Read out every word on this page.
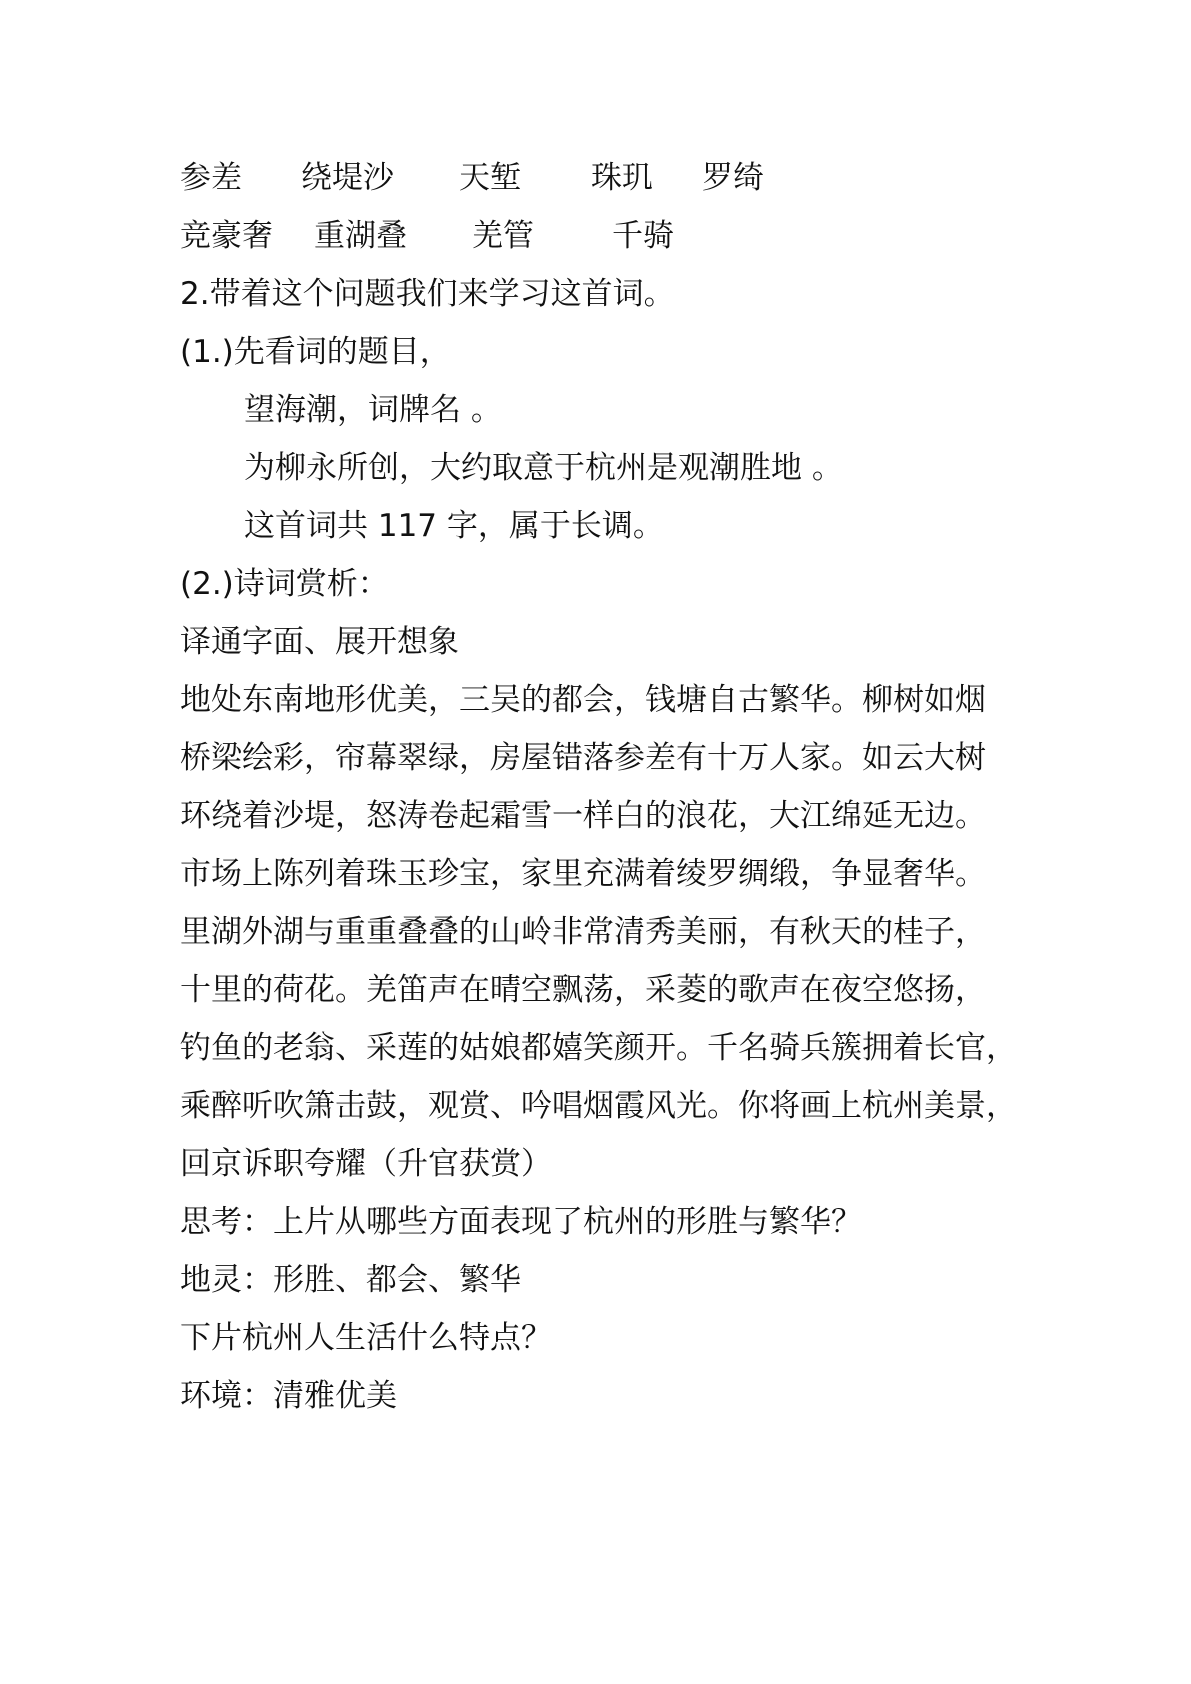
参差 绕堤沙 天堑 珠玑 罗绮
竞豪奢 重湖叠 羌管	千骑
2.带着这个问题我们来学习这首词。
(1.)先看词的题目，
望海潮，词牌名 。
为柳永所创，大约取意于杭州是观潮胜地 。
这首词共 117 字，属于长调。
(2.)诗词赏析：
译通字面、展开想象
地处东南地形优美，三吴的都会，钱塘自古繁华。柳树如烟
桥梁绘彩，帘幕翠绿，房屋错落参差有十万人家。如云大树
环绕着沙堤，怒涛卷起霜雪一样白的浪花，大江绵延无边。
市场上陈列着珠玉珍宝，家里充满着绫罗绸缎，争显奢华。
里湖外湖与重重叠叠的山岭非常清秀美丽，有秋天的桂子，
十里的荷花。羌笛声在晴空飘荡，采菱的歌声在夜空悠扬，
钓鱼的老翁、采莲的姑娘都嬉笑颜开。千名骑兵簇拥着长官，
乘醉听吹箫击鼓，观赏、吟唱烟霞风光。你将画上杭州美景，
回京诉职夸耀（升官获赏）
思考：上片从哪些方面表现了杭州的形胜与繁华？
地灵：形胜、都会、繁华
下片杭州人生活什么特点？
环境：清雅优美
